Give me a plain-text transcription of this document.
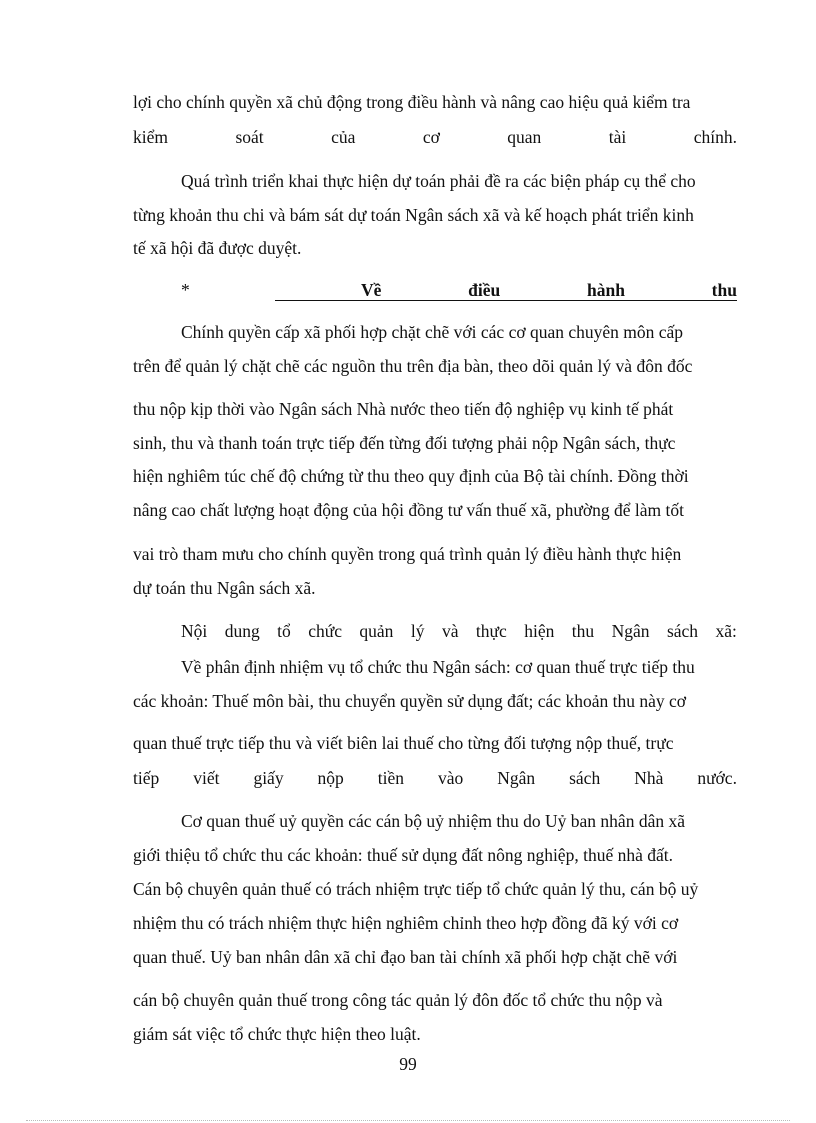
lợi cho chính quyền xã chủ động trong điều hành và nâng cao hiệu quả kiểm tra
kiểm	soát	của	cơ	quan	tài	chính.
Quá trình triển khai thực hiện dự toán phải đề ra các biện pháp cụ thể cho
từng khoản thu chi và bám sát dự toán Ngân sách xã và kế hoạch phát triển kinh
tế xã hội đã được duyệt.
*	Về	điều	hành	thu
Chính quyền cấp xã phối hợp chặt chẽ với các cơ quan chuyên môn cấp
trên để quản lý chặt chẽ các nguồn thu trên địa bàn, theo dõi quản lý và đôn đốc
thu nộp kịp thời vào Ngân sách Nhà nước theo tiến độ nghiệp vụ kinh tế phát
sinh, thu và thanh toán trực tiếp đến từng đối tượng phải nộp Ngân sách, thực
hiện nghiêm túc chế độ chứng từ thu theo quy định của Bộ tài chính. Đồng thời
nâng cao chất lượng hoạt động của hội đồng tư vấn thuế xã, phường để làm tốt
vai trò tham mưu cho chính quyền trong quá trình quản lý điều hành thực hiện
dự toán thu Ngân sách xã.
Nội dung tổ chức quản lý và thực hiện thu Ngân sách xã:
Về phân định nhiệm vụ tổ chức thu Ngân sách: cơ quan thuế trực tiếp thu
các khoản: Thuế môn bài, thu chuyển quyền sử dụng đất; các khoản thu này cơ
quan thuế trực tiếp thu và viết biên lai thuế cho từng đối tượng nộp thuế, trực
tiếp viết giấy nộp tiền vào Ngân sách Nhà nước.
Cơ quan thuế uỷ quyền các cán bộ uỷ nhiệm thu do Uỷ ban nhân dân xã
giới thiệu tổ chức thu các khoản: thuế sử dụng đất nông nghiệp, thuế nhà đất.
Cán bộ chuyên quản thuế có trách nhiệm trực tiếp tổ chức quản lý thu, cán bộ uỷ
nhiệm thu có trách nhiệm thực hiện nghiêm chỉnh theo hợp đồng đã ký với cơ
quan thuế. Uỷ ban nhân dân xã chỉ đạo ban tài chính xã phối hợp chặt chẽ với
cán bộ chuyên quản thuế trong công tác quản lý đôn đốc tổ chức thu nộp và
giám sát việc tổ chức thực hiện theo luật.
99
